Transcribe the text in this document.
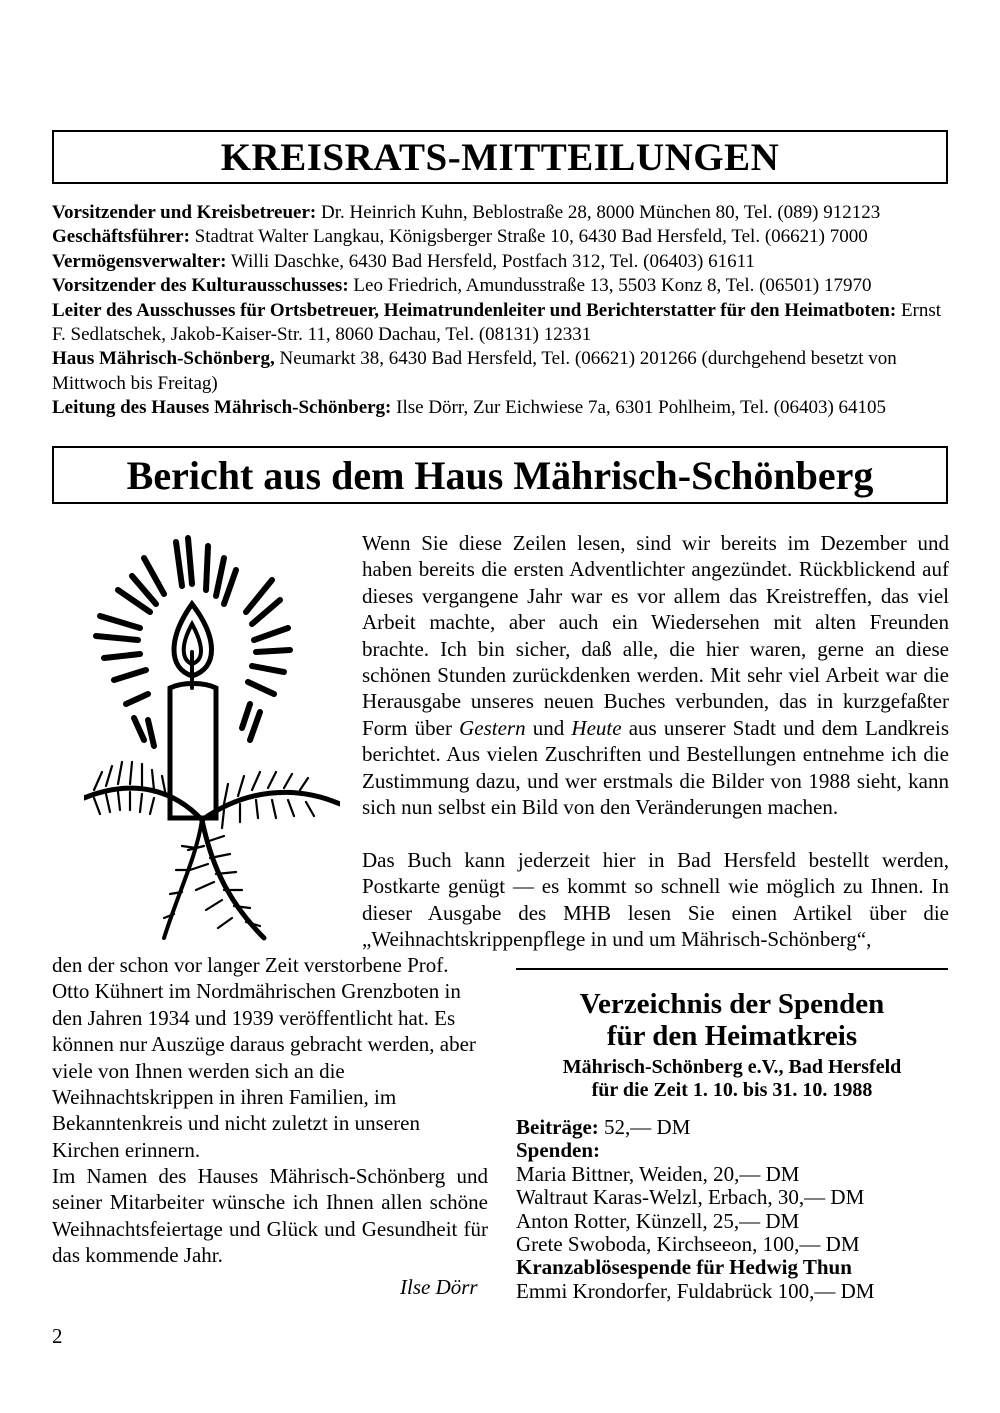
KREISRATS-MITTEILUNGEN

Vorsitzender und Kreisbetreuer: Dr. Heinrich Kuhn, Beblostraße 28, 8000 München 80, Tel. (089) 912123

Geschäftsführer: Stadtrat Walter Langkau, Königsberger Straße 10, 6430 Bad Hersfeld, Tel. (06621) 7000

Vermögensverwalter: Willi Daschke, 6430 Bad Hersfeld, Postfach 312, Tel. (06403) 61611

Vorsitzender des Kulturausschusses: Leo Friedrich, Amundusstraße 13, 5503 Konz 8, Tel. (06501) 17970

Leiter des Ausschusses für Ortsbetreuer, Heimatrundenleiter und Berichterstatter für den Heimatboten: Ernst F. Sedlatschek, Jakob-Kaiser-Str. 11, 8060 Dachau, Tel. (08131) 12331

Haus Mährisch-Schönberg, Neumarkt 38, 6430 Bad Hersfeld, Tel. (06621) 201266 (durchgehend besetzt von Mittwoch bis Freitag)

Leitung des Hauses Mährisch-Schönberg: Ilse Dörr, Zur Eichwiese 7a, 6301 Pohlheim, Tel. (06403) 64105

Bericht aus dem Haus Mährisch-Schönberg

Wenn Sie diese Zeilen lesen, sind wir bereits im Dezember und haben bereits die ersten Adventlichter angezündet. Rückblickend auf dieses vergangene Jahr war es vor allem das Kreistreffen, das viel Arbeit machte, aber auch ein Wiedersehen mit alten Freunden brachte. Ich bin sicher, daß alle, die hier waren, gerne an diese schönen Stunden zurückdenken werden. Mit sehr viel Arbeit war die Herausgabe unseres neuen Buches verbunden, das in kurzgefaßter Form über Gestern und Heute aus unserer Stadt und dem Landkreis berichtet. Aus vielen Zuschriften und Bestellungen entnehme ich die Zustimmung dazu, und wer erstmals die Bilder von 1988 sieht, kann sich nun selbst ein Bild von den Veränderungen machen.

Das Buch kann jederzeit hier in Bad Hersfeld bestellt werden, Postkarte genügt — es kommt so schnell wie möglich zu Ihnen. In dieser Ausgabe des MHB lesen Sie einen Artikel über die „Weihnachtskrippenpflege in und um Mährisch-Schönberg“,

den der schon vor langer Zeit verstorbene Prof. Otto Kühnert im Nordmährischen Grenzboten in den Jahren 1934 und 1939 veröffentlicht hat. Es können nur Auszüge daraus gebracht werden, aber viele von Ihnen werden sich an die Weihnachtskrippen in ihren Familien, im Bekanntenkreis und nicht zuletzt in unseren Kirchen erinnern.

Im Namen des Hauses Mährisch-Schönberg und seiner Mitarbeiter wünsche ich Ihnen allen schöne Weihnachtsfeiertage und Glück und Gesundheit für das kommende Jahr.

Ilse Dörr
Verzeichnis der Spenden
für den Heimatkreis
Mährisch-Schönberg e.V., Bad Hersfeld
für die Zeit 1. 10. bis 31. 10. 1988
Beiträge: 52,— DM
Spenden:
Maria Bittner, Weiden, 20,— DM
Waltraut Karas-Welzl, Erbach, 30,— DM
Anton Rotter, Künzell, 25,— DM
Grete Swoboda, Kirchseeon, 100,— DM
Kranzablösespende für Hedwig Thun
Emmi Krondorfer, Fuldabrück 100,— DM
2
